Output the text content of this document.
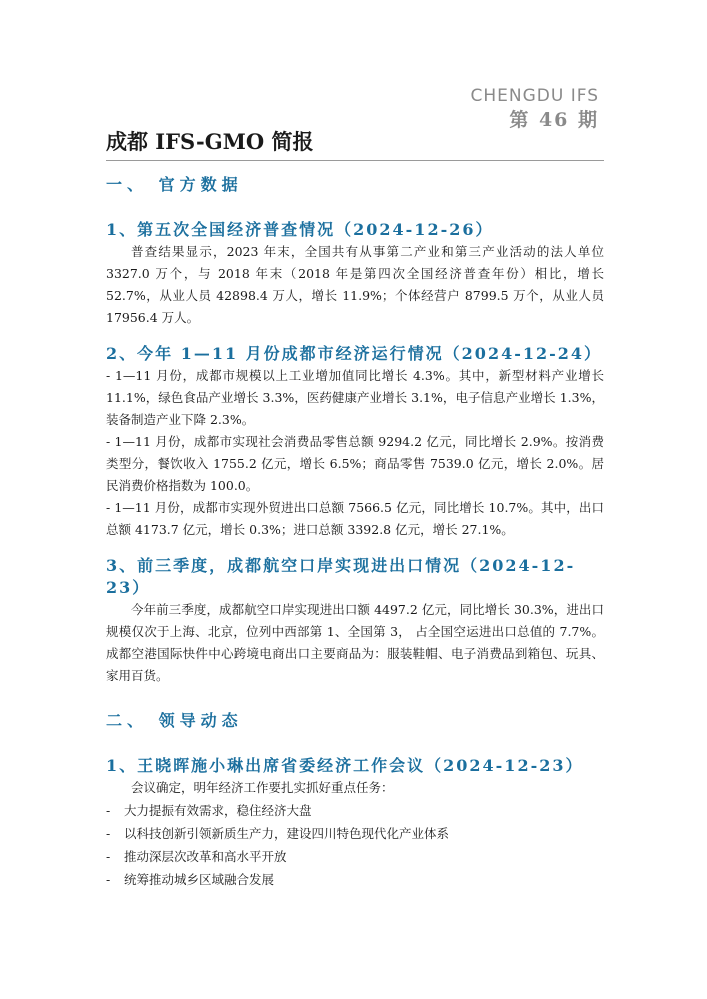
CHENGDU IFS
第 46 期
成都 IFS-GMO 简报
一、 官方数据
1、第五次全国经济普查情况（2024-12-26）

普查结果显示，2023 年末，全国共有从事第二产业和第三产业活动的法人单位 3327.0 万个，与 2018 年末（2018 年是第四次全国经济普查年份）相比，增长 52.7%，从业人员 42898.4 万人，增长 11.9%；个体经营户 8799.5 万个，从业人员 17956.4 万人。

2、今年 1—11 月份成都市经济运行情况（2024-12-24）

- 1—11 月份，成都市规模以上工业增加值同比增长 4.3%。其中，新型材料产业增长 11.1%，绿色食品产业增长 3.3%，医药健康产业增长 3.1%，电子信息产业增长 1.3%，装备制造产业下降 2.3%。

- 1—11 月份，成都市实现社会消费品零售总额 9294.2 亿元，同比增长 2.9%。按消费类型分，餐饮收入 1755.2 亿元，增长 6.5%；商品零售 7539.0 亿元，增长 2.0%。居民消费价格指数为 100.0。

- 1—11 月份，成都市实现外贸进出口总额 7566.5 亿元，同比增长 10.7%。其中，出口总额 4173.7 亿元，增长 0.3%；进口总额 3392.8 亿元，增长 27.1%。

3、前三季度，成都航空口岸实现进出口情况（2024-12-23）

今年前三季度，成都航空口岸实现进出口额 4497.2 亿元，同比增长 30.3%，进出口规模仅次于上海、北京，位列中西部第 1、全国第 3， 占全国空运进出口总值的 7.7%。成都空港国际快件中心跨境电商出口主要商品为：服装鞋帽、电子消费品到箱包、玩具、家用百货。

二、 领导动态
1、王晓晖施小琳出席省委经济工作会议（2024-12-23）

会议确定，明年经济工作要扎实抓好重点任务：

-	大力提振有效需求，稳住经济大盘
-	以科技创新引领新质生产力，建设四川特色现代化产业体系
-	推动深层次改革和高水平开放
-	统筹推动城乡区域融合发展
